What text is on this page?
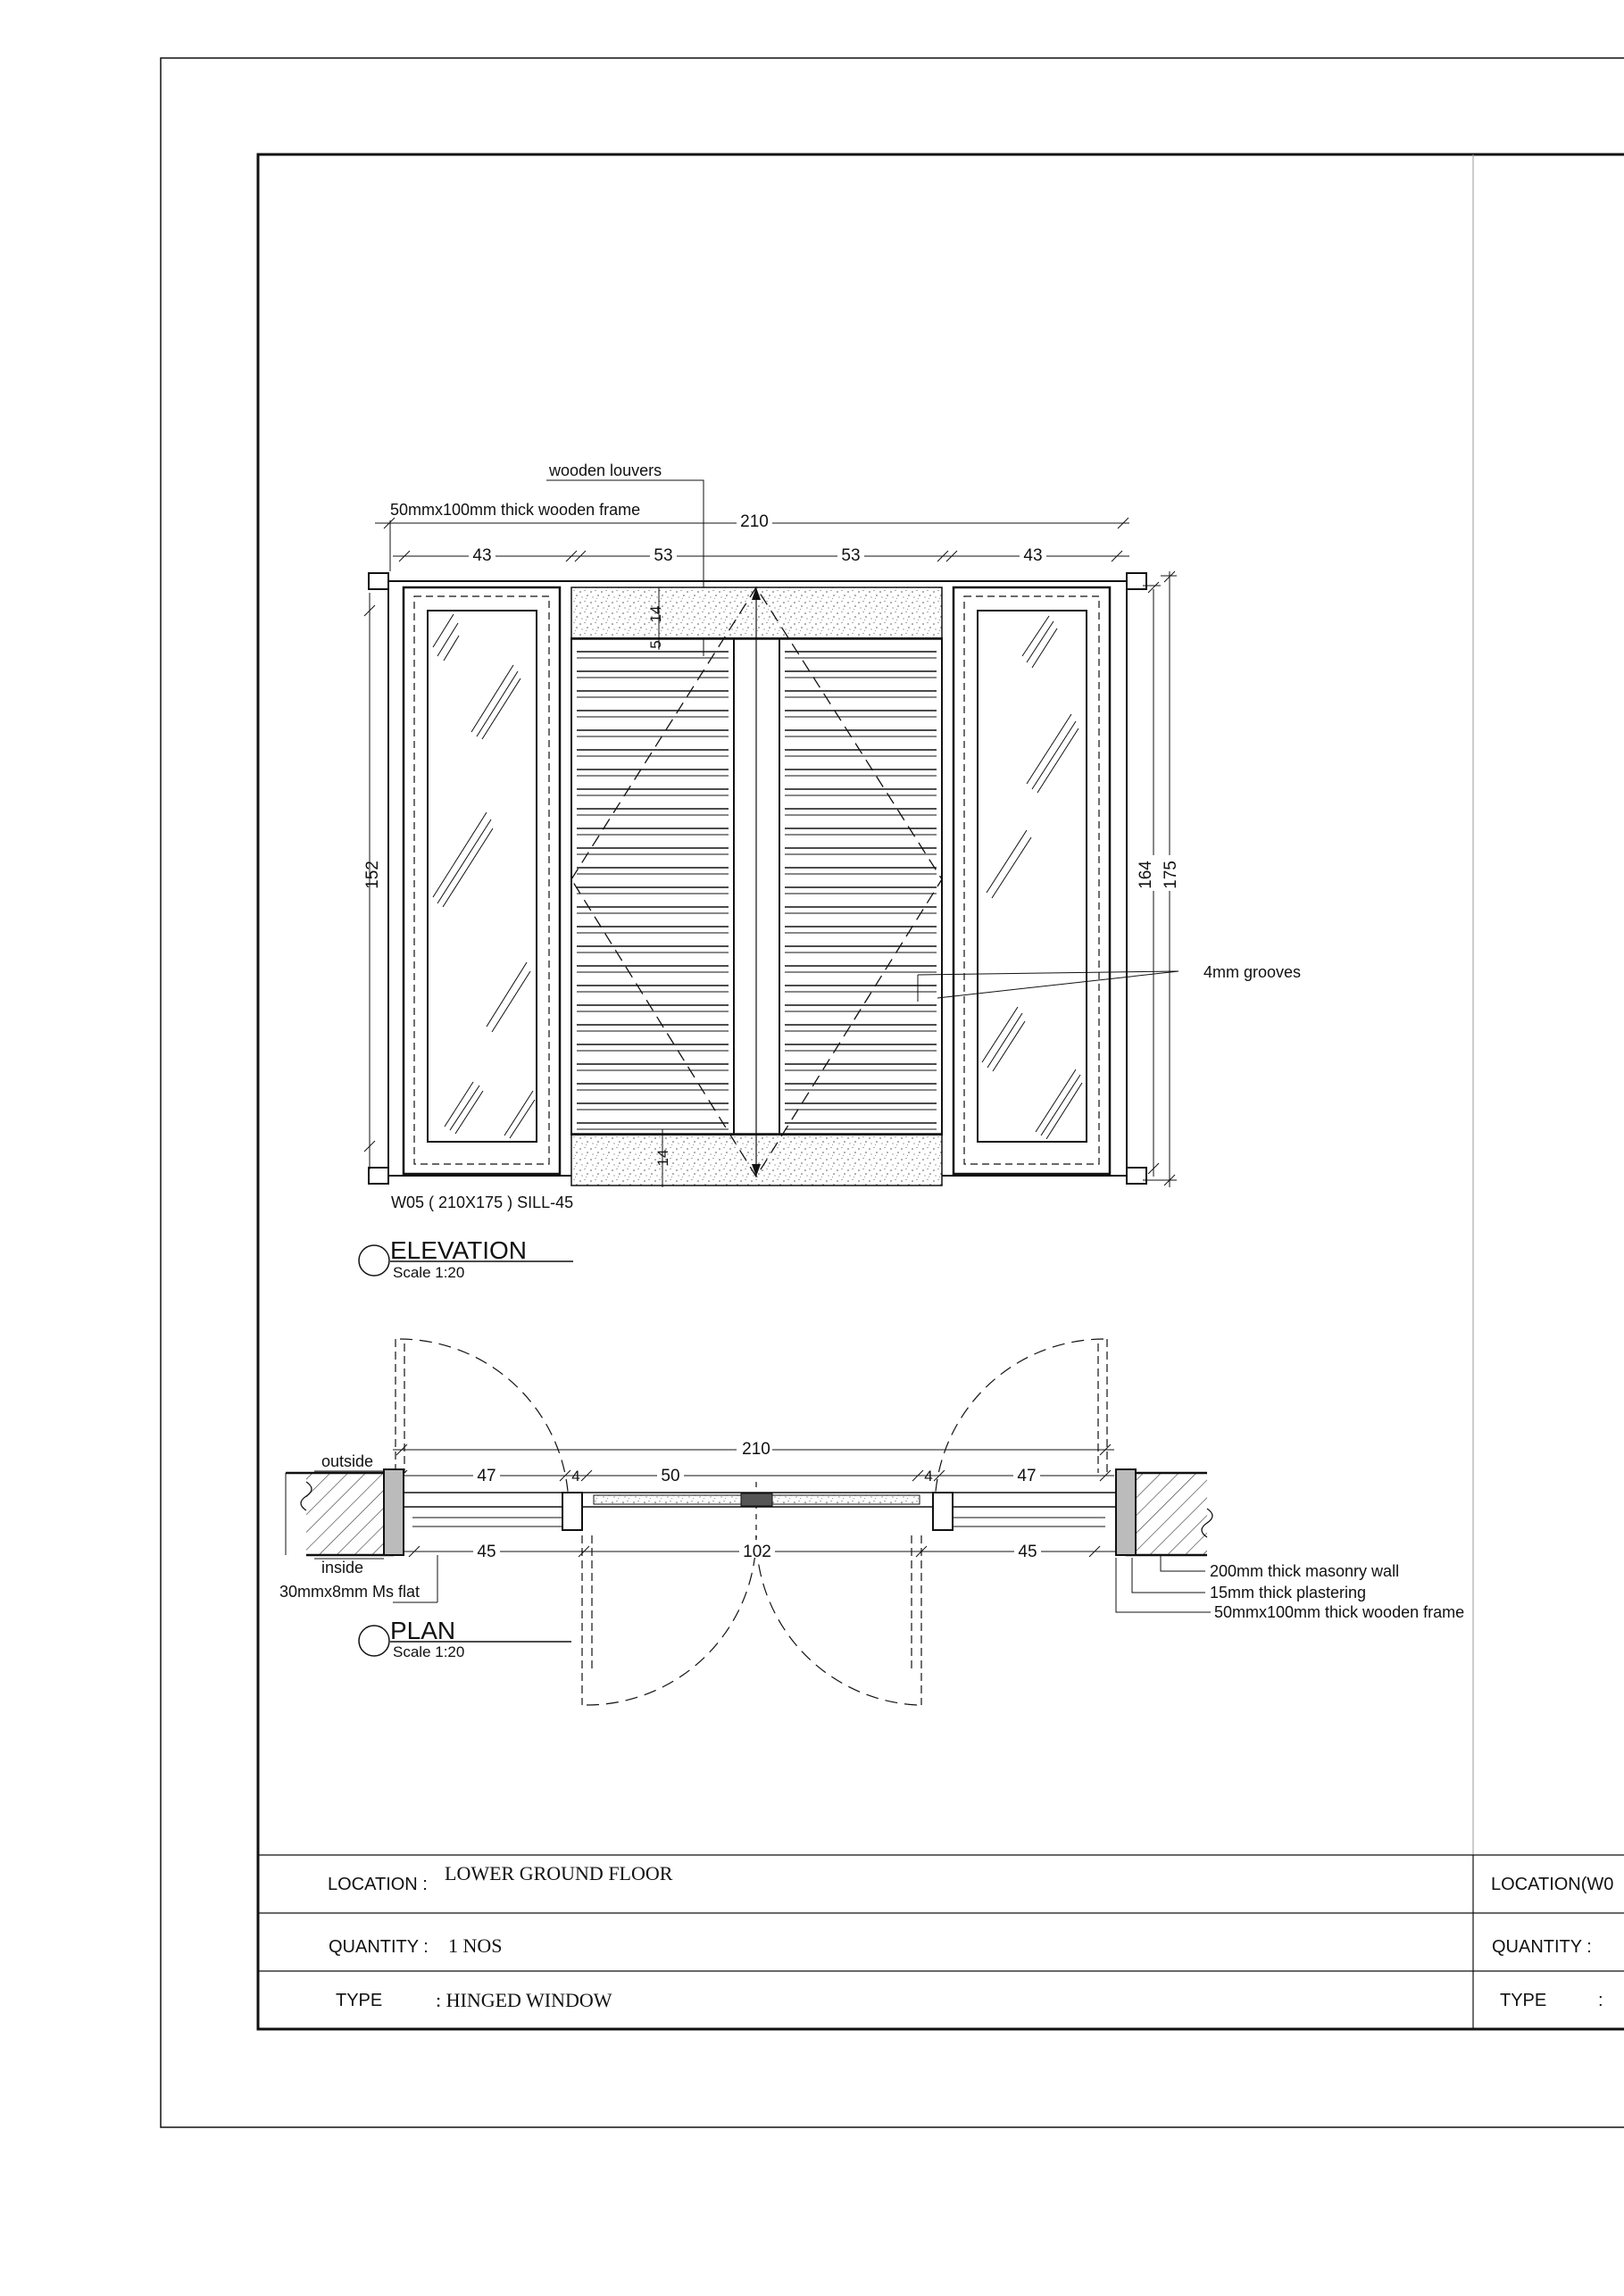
wooden louvers
50mmx100mm thick wooden frame
210
43	53	53	43
14
5
14
152	164 175
4mm grooves
W05 ( 210X175 ) SILL-45
ELEVATION
Scale 1:20
210
47	4	50	4	47
45	102	45
outside
inside
30mmx8mm Ms flat
200mm thick masonry wall
15mm thick plastering
50mmx100mm thick wooden frame
PLAN
Scale 1:20
LOCATION : LOWER GROUND FLOOR
QUANTITY : 1 NOS
TYPE	: HINGED WINDOW
LOCATION(W0
QUANTITY :
TYPE	:
